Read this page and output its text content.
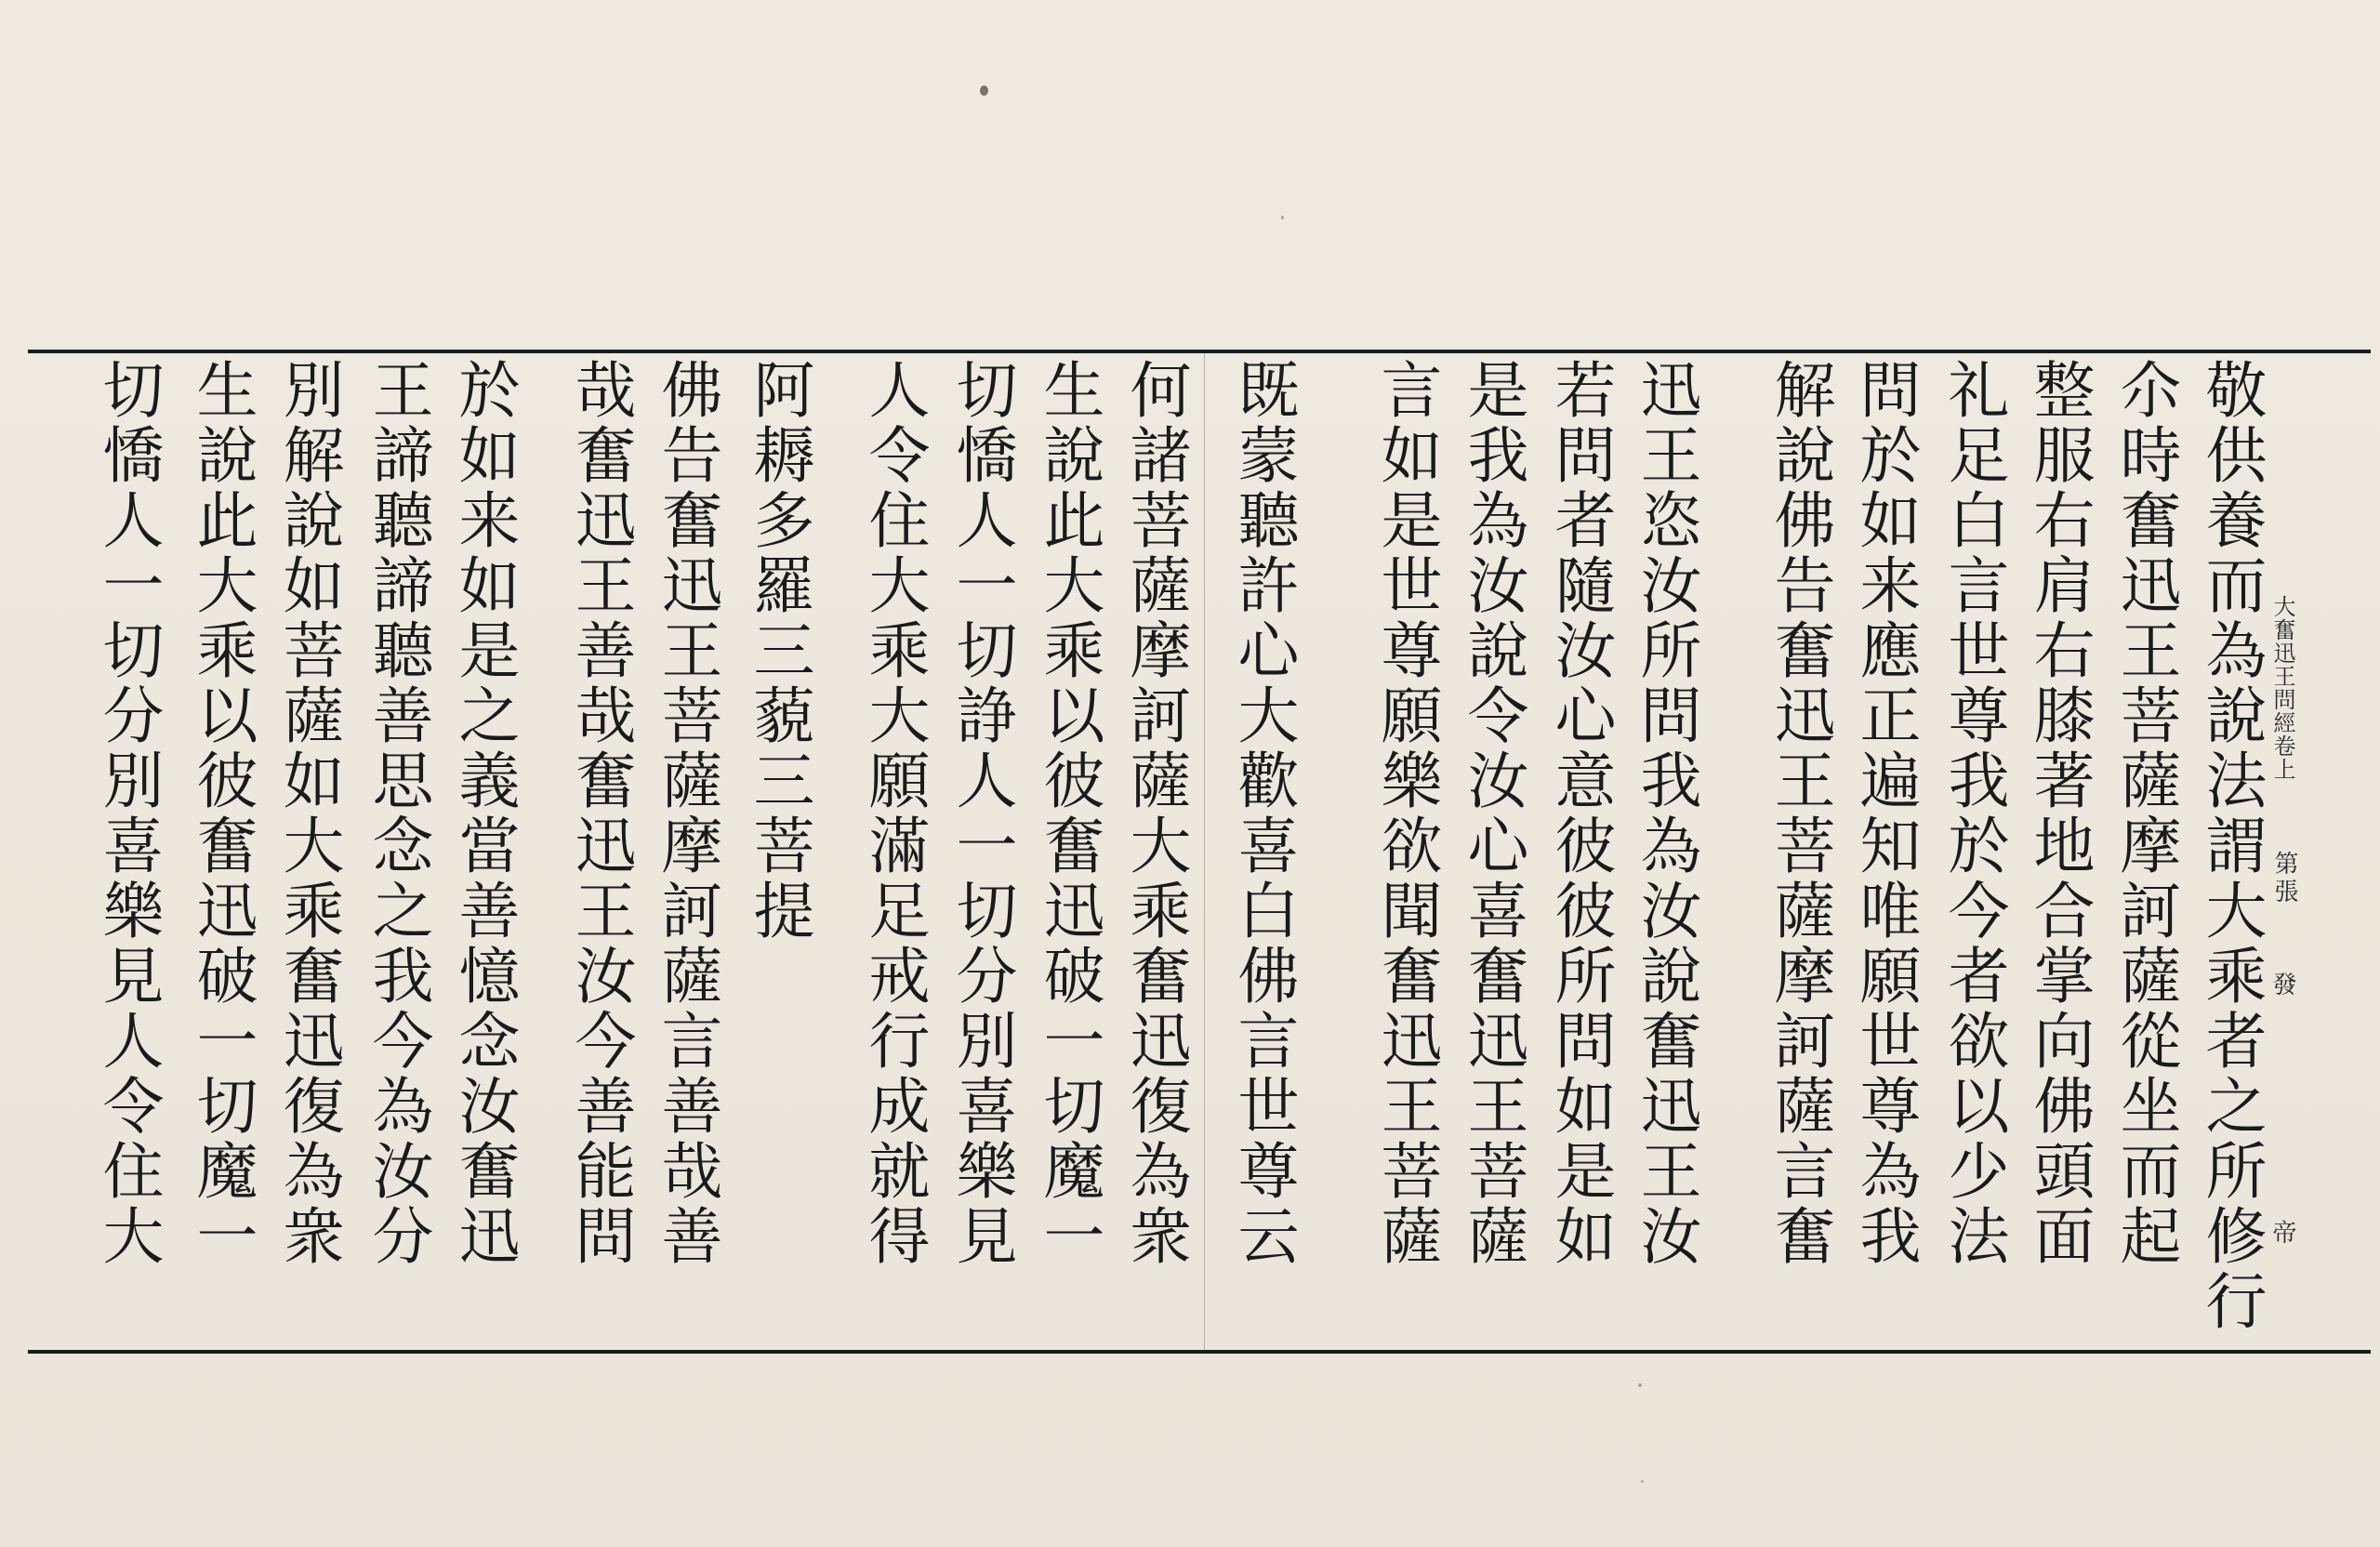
敬供養而為說法謂大乘者之所修行
尒時奮迅王菩薩摩訶薩從坐而起
整服右肩右膝著地合掌向佛頭面
礼足白言世尊我於今者欲以少法
問於如来應正遍知唯願世尊為我
解說佛告奮迅王菩薩摩訶薩言奮
迅王恣汝所問我為汝說奮迅王汝
若問者隨汝心意彼彼所問如是如
是我為汝說令汝心喜奮迅王菩薩
言如是世尊願樂欲聞奮迅王菩薩
既蒙聽許心大歡喜白佛言世尊云
何諸菩薩摩訶薩大乘奮迅復為衆
生說此大乘以彼奮迅破一切魔一
切憍人一切諍人一切分別喜樂見
人令住大乘大願滿足戒行成就得
阿耨多羅三藐三菩提
佛告奮迅王菩薩摩訶薩言善哉善
哉奮迅王善哉奮迅王汝今善能問
於如来如是之義當善憶念汝奮迅
王諦聽諦聽善思念之我今為汝分
別解說如菩薩如大乘奮迅復為衆
生說此大乘以彼奮迅破一切魔一
切憍人一切分別喜樂見人令住大	大奮迅王問經卷上
第張
發
帝
